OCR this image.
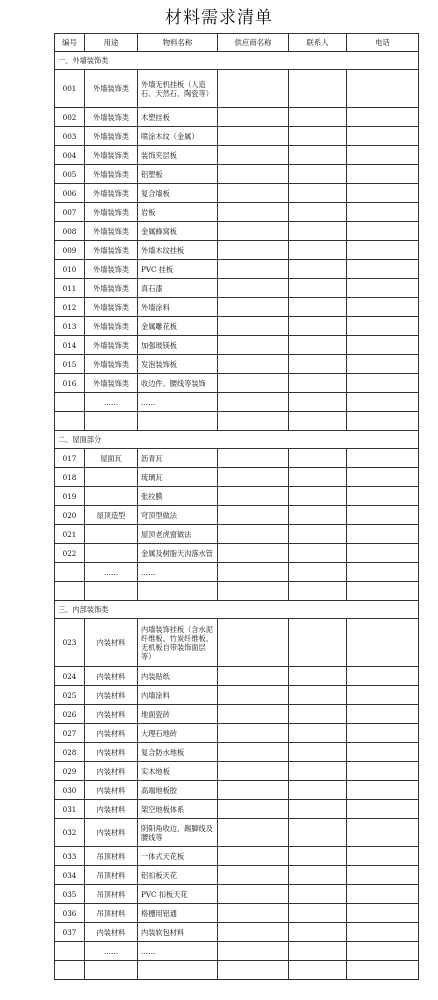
材料需求清单
编号	用途	物料名称	供应商名称	联系人	电话
一、外墙装饰类					
001	外墙装饰类	外墙无机挂板（人造石、天然石、陶瓷等）			
002	外墙装饰类	木塑挂板			
003	外墙装饰类	喷涂木纹（金属）			
004	外墙装饰类	装饰夹层板			
005	外墙装饰类	铝塑板			
006	外墙装饰类	复合墙板			
007	外墙装饰类	岩板			
008	外墙装饰类	金属蜂窝板			
009	外墙装饰类	外墙木纹挂板			
010	外墙装饰类	PVC 挂板			
011	外墙装饰类	真石漆			
012	外墙装饰类	外墙涂料			
013	外墙装饰类	金属雕花板			
014	外墙装饰类	加强玻镁板			
015	外墙装饰类	发泡装饰板			
016	外墙装饰类	收边件、腰线等装饰			
	……	……			

二、屋面部分					
017	屋面瓦	沥青瓦			
018		琉璃瓦			
019		张拉膜			
020	屋顶造型	穹顶型做法			
021		屋顶老虎窗做法			
022		金属及树脂天沟落水管			
	……	……			

三、内部装饰类					
023	内装材料	内墙装饰挂板（含水泥纤维板、竹炭纤维板、无机板自带装饰面层等）			
024	内装材料	内装贴纸			
025	内装材料	内墙涂料			
026	内装材料	地面瓷砖			
027	内装材料	大理石地砖			
028	内装材料	复合防水地板			
029	内装材料	实木地板			
030	内装材料	高端地板胶			
031	内装材料	架空地板体系			
032	内装材料	阴阳角收边、踢脚线及腰线等			
033	吊顶材料	一体式天花板			
034	吊顶材料	铝扣板天花			
035	吊顶材料	PVC 扣板天花			
036	吊顶材料	格栅用铝通			
037	内装材料	内装软包材料			
	……	……			
